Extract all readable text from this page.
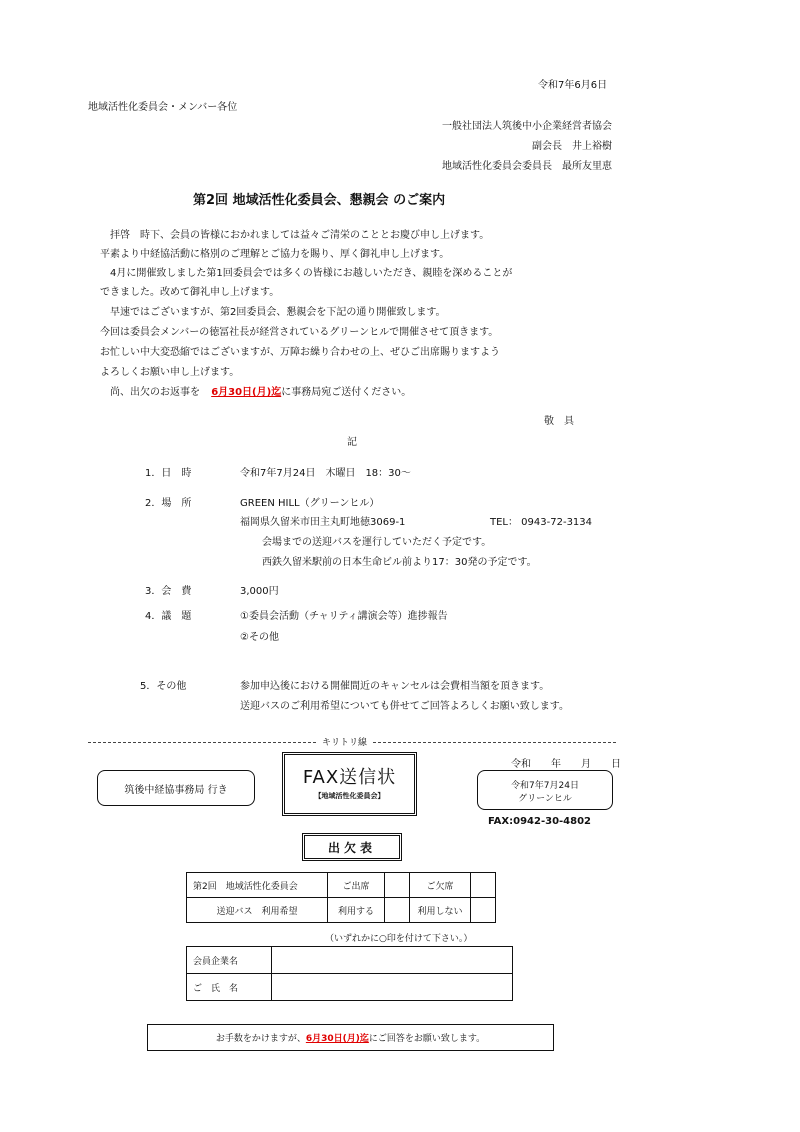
令和7年6月6日
地域活性化委員会・メンバー各位
一般社団法人筑後中小企業経営者協会
副会長　井上裕樹
地域活性化委員会委員長　最所友里恵
第2回 地域活性化委員会、懇親会 のご案内
拝啓　時下、会員の皆様におかれましては益々ご清栄のこととお慶び申し上げます。
平素より中経協活動に格別のご理解とご協力を賜り、厚く御礼申し上げます。
4月に開催致しました第1回委員会では多くの皆様にお越しいただき、親睦を深めることが
できました。改めて御礼申し上げます。
早速ではございますが、第2回委員会、懇親会を下記の通り開催致します。
今回は委員会メンバーの徳冨社長が経営されているグリーンヒルで開催させて頂きます。
お忙しい中大変恐縮ではございますが、万障お繰り合わせの上、ぜひご出席賜りますよう
よろしくお願い申し上げます。
尚、出欠のお返事を 6月30日(月)迄に事務局宛ご送付ください。
敬　具
記
1．日　時	令和7年7月24日　木曜日　18：30～
2．場　所	GREEN HILL（グリーンヒル）
福岡県久留米市田主丸町地徳3069-1	TEL： 0943-72-3134
会場までの送迎バスを運行していただく予定です。
西鉄久留米駅前の日本生命ビル前より17：30発の予定です。
3．会　費	3,000円
4．議　題	①委員会活動（チャリティ講演会等）進捗報告
②その他
5．その他	参加申込後における開催間近のキャンセルは会費相当額を頂きます。
送迎バスのご利用希望についても併せてご回答よろしくお願い致します。
キリトリ線
筑後中経協事務局 行き
FAX送信状
【地域活性化委員会】
令和　　年　　月　　日
令和7年7月24日
グリーンヒル
FAX:0942-30-4802
出欠表
第2回　地域活性化委員会	ご出席		ご欠席	
送迎バス　利用希望	利用する		利用しない	
（いずれかに○印を付けて下さい。）
会員企業名	
ご　氏　名	
お手数をかけますが、 6月30日(月)迄 にご回答をお願い致します。
